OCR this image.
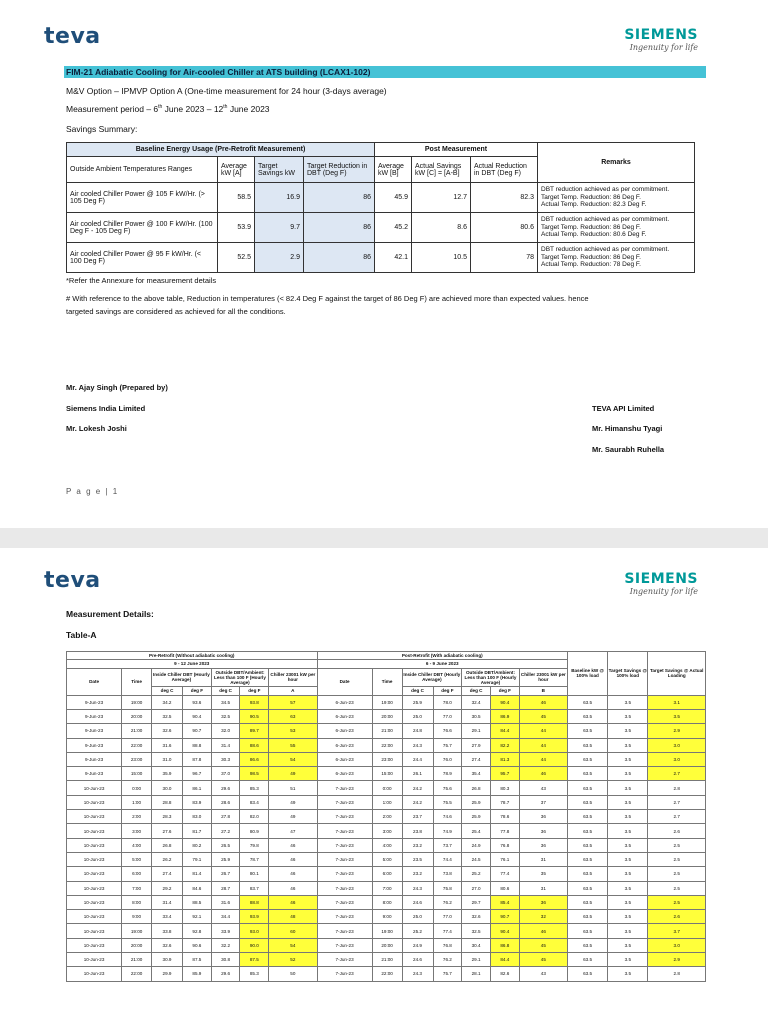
teva	SIEMENS
Ingenuity for life
FIM-21 Adiabatic Cooling for Air-cooled Chiller at ATS building (LCAX1-102)
M&V Option – IPMVP Option A (One-time measurement for 24 hour (3-days average)
Measurement period – 6th June 2023 – 12th June 2023
Savings Summary:
Baseline Energy Usage (Pre-Retrofit Measurement)				Post Measurement			Remarks
Outside Ambient Temperatures Ranges	Average kW [A]	Target Savings kW	Target Reduction in DBT (Deg F)	Average kW [B]	Actual Savings kW [C] = [A-B]	Actual Reduction in DBT (Deg F)	
Air cooled Chiller Power @ 105 F kW/Hr. (> 105 Deg F)	58.5	16.9	86	45.9	12.7	82.3	DBT reduction achieved as per commitment.
Target Temp. Reduction: 86 Deg F.
Actual Temp. Reduction: 82.3 Deg F.

Air cooled Chiller Power @ 100 F kW/Hr. (100 Deg F - 105 Deg F)	53.9	9.7	86	45.2	8.6	80.6	DBT reduction achieved as per commitment.
Target Temp. Reduction: 86 Deg F.
Actual Temp. Reduction: 80.6 Deg F.

Air cooled Chiller Power @ 95 F kW/Hr. (< 100 Deg F)	52.5	2.9	86	42.1	10.5	78	DBT reduction achieved as per commitment.
Target Temp. Reduction: 86 Deg F.
Actual Temp. Reduction: 78 Deg F.
*Refer the Annexure for measurement details
# With reference to the above table, Reduction in temperatures (< 82.4 Deg F against the target of 86 Deg F) are achieved more than expected values. hence
targeted savings are considered as achieved for all the conditions.
Mr. Ajay Singh (Prepared by)
Siemens India Limited
Mr. Lokesh Joshi
TEVA API Limited
Mr. Himanshu Tyagi
Mr. Saurabh Ruhella
P a g e | 1
teva	SIEMENS
Ingenuity for life
Measurement Details:
Table-A
Pre-Retrofit (Without adiabatic cooling)							Post-Retrofit (With adiabatic cooling)							Baseline kW @ 100% load	Target Savings @ 100% load	Target Savings @ Actual Loading
9 - 12 June 2023							6 - 9 June 2023									
Date	Time	Inside Chiller DBT (Hourly Average)		Outside DBT/Ambient: Less than 100 F (Hourly Average)		Chiller 23001 kW per hour	Date	Time	Inside Chiller DBT (Hourly Average)		Outside DBT/Ambient: Less than 100 F (Hourly Average)		Chiller 23001 kW per hour			
		deg C	deg F	deg C	deg F	A			deg C	deg F	deg C	deg F	B			
9-Jun-23	19:00	34.2	93.6	34.5	93.8	57	6-Jun-23	19:00	25.9	78.0	32.4	90.4	46	63.5	3.5	3.1
9-Jun-23	20:00	32.5	90.4	32.5	90.5	63	6-Jun-23	20:00	25.0	77.0	30.5	86.9	45	63.5	3.5	3.5
9-Jun-23	21:00	32.6	90.7	32.0	89.7	53	6-Jun-23	21:00	24.8	76.6	29.1	84.4	44	63.5	3.5	2.9
9-Jun-23	22:00	31.6	88.8	31.4	88.6	55	6-Jun-23	22:00	24.3	75.7	27.9	82.2	44	63.5	3.5	3.0
9-Jun-23	23:00	31.0	87.8	30.3	86.6	54	6-Jun-23	23:00	24.4	76.0	27.4	81.3	44	63.5	3.5	3.0
9-Jun-23	15:00	35.9	96.7	37.0	98.5	49	6-Jun-23	15:00	26.1	78.9	35.4	95.7	46	63.5	3.5	2.7
10-Jun-23	0:00	30.0	86.1	29.6	85.3	51	7-Jun-23	0:00	24.2	75.6	26.8	80.3	43	63.5	3.5	2.8
10-Jun-23	1:00	28.8	83.9	28.6	83.4	49	7-Jun-23	1:00	24.2	75.5	25.9	78.7	37	63.5	3.5	2.7
10-Jun-23	2:00	28.3	83.0	27.8	82.0	49	7-Jun-23	2:00	23.7	74.6	25.9	78.6	36	63.5	3.5	2.7
10-Jun-23	3:00	27.6	81.7	27.2	80.9	47	7-Jun-23	3:00	23.8	74.9	25.4	77.8	36	63.5	3.5	2.6
10-Jun-23	4:00	26.8	80.2	26.5	79.8	46	7-Jun-23	4:00	23.2	73.7	24.9	76.8	36	63.5	3.5	2.5
10-Jun-23	5:00	26.2	79.1	25.9	78.7	46	7-Jun-23	5:00	23.5	74.4	24.5	76.1	31	63.5	3.5	2.5
10-Jun-23	6:00	27.4	81.4	26.7	80.1	46	7-Jun-23	6:00	23.2	73.8	25.2	77.4	35	63.5	3.5	2.5
10-Jun-23	7:00	29.2	84.6	28.7	83.7	46	7-Jun-23	7:00	24.3	75.8	27.0	80.6	31	63.5	3.5	2.5
10-Jun-23	8:00	31.4	88.5	31.6	88.8	46	7-Jun-23	8:00	24.6	76.2	29.7	85.4	36	63.5	3.5	2.5
10-Jun-23	9:00	33.4	92.1	34.4	93.9	48	7-Jun-23	9:00	25.0	77.0	32.6	90.7	32	63.5	3.5	2.6
10-Jun-23	19:00	33.8	92.8	33.9	93.0	60	7-Jun-23	19:00	25.2	77.4	32.5	90.4	46	63.5	3.5	3.7
10-Jun-23	20:00	32.6	90.6	32.2	90.0	54	7-Jun-23	20:00	24.9	76.8	30.4	86.8	45	63.5	3.5	3.0
10-Jun-23	21:00	30.9	87.5	30.8	87.5	52	7-Jun-23	21:00	24.6	76.2	29.1	84.4	45	63.5	3.5	2.9
10-Jun-23	22:00	29.9	85.9	29.6	85.3	50	7-Jun-23	22:00	24.3	75.7	28.1	82.6	43	63.5	3.5	2.8
